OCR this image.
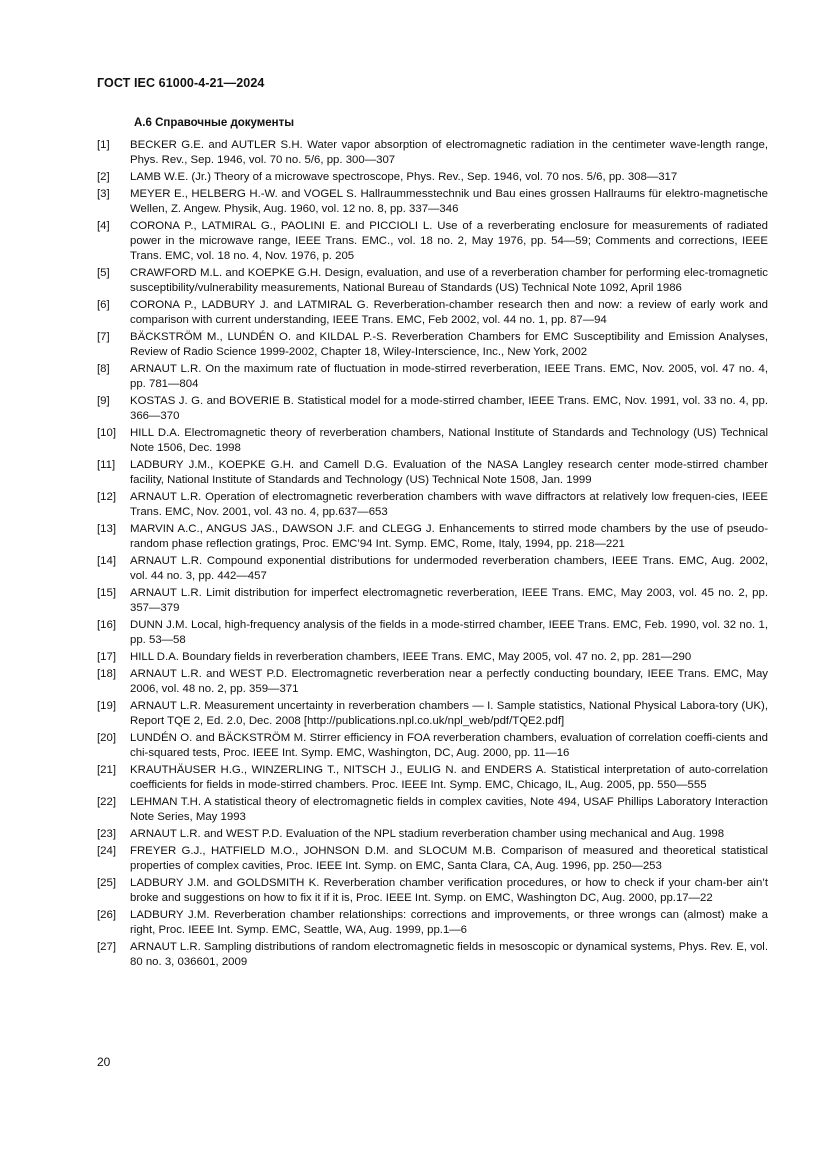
ГОСТ IEC 61000-4-21—2024
А.6 Справочные документы
[1]	BECKER G.E. and AUTLER S.H. Water vapor absorption of electromagnetic radiation in the centimeter wave-length range, Phys. Rev., Sep. 1946, vol. 70 no. 5/6, pp. 300—307
[2]	LAMB W.E. (Jr.) Theory of a microwave spectroscope, Phys. Rev., Sep. 1946, vol. 70 nos. 5/6, pp. 308—317
[3]	MEYER E., HELBERG H.-W. and VOGEL S. Hallraummesstechnik und Bau eines grossen Hallraums für elektro-magnetische Wellen, Z. Angew. Physik, Aug. 1960, vol. 12 no. 8, pp. 337—346
[4]	CORONA P., LATMIRAL G., PAOLINI E. and PICCIOLI L. Use of a reverberating enclosure for measurements of radiated power in the microwave range, IEEE Trans. EMC., vol. 18 no. 2, May 1976, pp. 54—59; Comments and corrections, IEEE Trans. EMC, vol. 18 no. 4, Nov. 1976, p. 205
[5]	CRAWFORD M.L. and KOEPKE G.H. Design, evaluation, and use of a reverberation chamber for performing elec-tromagnetic susceptibility/vulnerability measurements, National Bureau of Standards (US) Technical Note 1092, April 1986
[6]	CORONA P., LADBURY J. and LATMIRAL G. Reverberation-chamber research then and now: a review of early work and comparison with current understanding, IEEE Trans. EMC, Feb 2002, vol. 44 no. 1, pp. 87—94
[7]	BÄCKSTRÖM M., LUNDÉN O. and KILDAL P.-S. Reverberation Chambers for EMC Susceptibility and Emission Analyses, Review of Radio Science 1999-2002, Chapter 18, Wiley-Interscience, Inc., New York, 2002
[8]	ARNAUT L.R. On the maximum rate of fluctuation in mode-stirred reverberation, IEEE Trans. EMC, Nov. 2005, vol. 47 no. 4, pp. 781—804
[9]	KOSTAS J. G. and BOVERIE B. Statistical model for a mode-stirred chamber, IEEE Trans. EMC, Nov. 1991, vol. 33 no. 4, pp. 366—370
[10]	HILL D.A. Electromagnetic theory of reverberation chambers, National Institute of Standards and Technology (US) Technical Note 1506, Dec. 1998
[11]	LADBURY J.M., KOEPKE G.H. and Camell D.G. Evaluation of the NASA Langley research center mode-stirred chamber facility, National Institute of Standards and Technology (US) Technical Note 1508, Jan. 1999
[12]	ARNAUT L.R. Operation of electromagnetic reverberation chambers with wave diffractors at relatively low frequen-cies, IEEE Trans. EMC, Nov. 2001, vol. 43 no. 4, pp.637—653
[13]	MARVIN A.C., ANGUS JAS., DAWSON J.F. and CLEGG J. Enhancements to stirred mode chambers by the use of pseudo-random phase reflection gratings, Proc. EMC’94 Int. Symp. EMC, Rome, Italy, 1994, pp. 218—221
[14]	ARNAUT L.R. Compound exponential distributions for undermoded reverberation chambers, IEEE Trans. EMC, Aug. 2002, vol. 44 no. 3, pp. 442—457
[15]	ARNAUT L.R. Limit distribution for imperfect electromagnetic reverberation, IEEE Trans. EMC, May 2003, vol. 45 no. 2, pp. 357—379
[16]	DUNN J.M. Local, high-frequency analysis of the fields in a mode-stirred chamber, IEEE Trans. EMC, Feb. 1990, vol. 32 no. 1, pp. 53—58
[17]	HILL D.A. Boundary fields in reverberation chambers, IEEE Trans. EMC, May 2005, vol. 47 no. 2, pp. 281—290
[18]	ARNAUT L.R. and WEST P.D. Electromagnetic reverberation near a perfectly conducting boundary, IEEE Trans. EMC, May 2006, vol. 48 no. 2, pp. 359—371
[19]	ARNAUT L.R. Measurement uncertainty in reverberation chambers — I. Sample statistics, National Physical Labora-tory (UK), Report TQE 2, Ed. 2.0, Dec. 2008 [http://publications.npl.co.uk/npl_web/pdf/TQE2.pdf]
[20]	LUNDÉN O. and BÄCKSTRÖM M. Stirrer efficiency in FOA reverberation chambers, evaluation of correlation coeffi-cients and chi-squared tests, Proc. IEEE Int. Symp. EMC, Washington, DC, Aug. 2000, pp. 11—16
[21]	KRAUTHÄUSER H.G., WINZERLING T., NITSCH J., EULIG N. and ENDERS A. Statistical interpretation of auto-correlation coefficients for fields in mode-stirred chambers. Proc. IEEE Int. Symp. EMC, Chicago, IL, Aug. 2005, pp. 550—555
[22]	LEHMAN T.H. A statistical theory of electromagnetic fields in complex cavities, Note 494, USAF Phillips Laboratory Interaction Note Series, May 1993
[23]	ARNAUT L.R. and WEST P.D. Evaluation of the NPL stadium reverberation chamber using mechanical and Aug. 1998
[24]	FREYER G.J., HATFIELD M.O., JOHNSON D.M. and SLOCUM M.B. Comparison of measured and theoretical statistical properties of complex cavities, Proc. IEEE Int. Symp. on EMC, Santa Clara, CA, Aug. 1996, pp. 250—253
[25]	LADBURY J.M. and GOLDSMITH K. Reverberation chamber verification procedures, or how to check if your cham-ber ain’t broke and suggestions on how to fix it if it is, Proc. IEEE Int. Symp. on EMC, Washington DC, Aug. 2000, pp.17—22
[26]	LADBURY J.M. Reverberation chamber relationships: corrections and improvements, or three wrongs can (almost) make a right, Proc. IEEE Int. Symp. EMC, Seattle, WA, Aug. 1999, pp.1—6
[27]	ARNAUT L.R. Sampling distributions of random electromagnetic fields in mesoscopic or dynamical systems, Phys. Rev. E, vol. 80 no. 3, 036601, 2009
20
